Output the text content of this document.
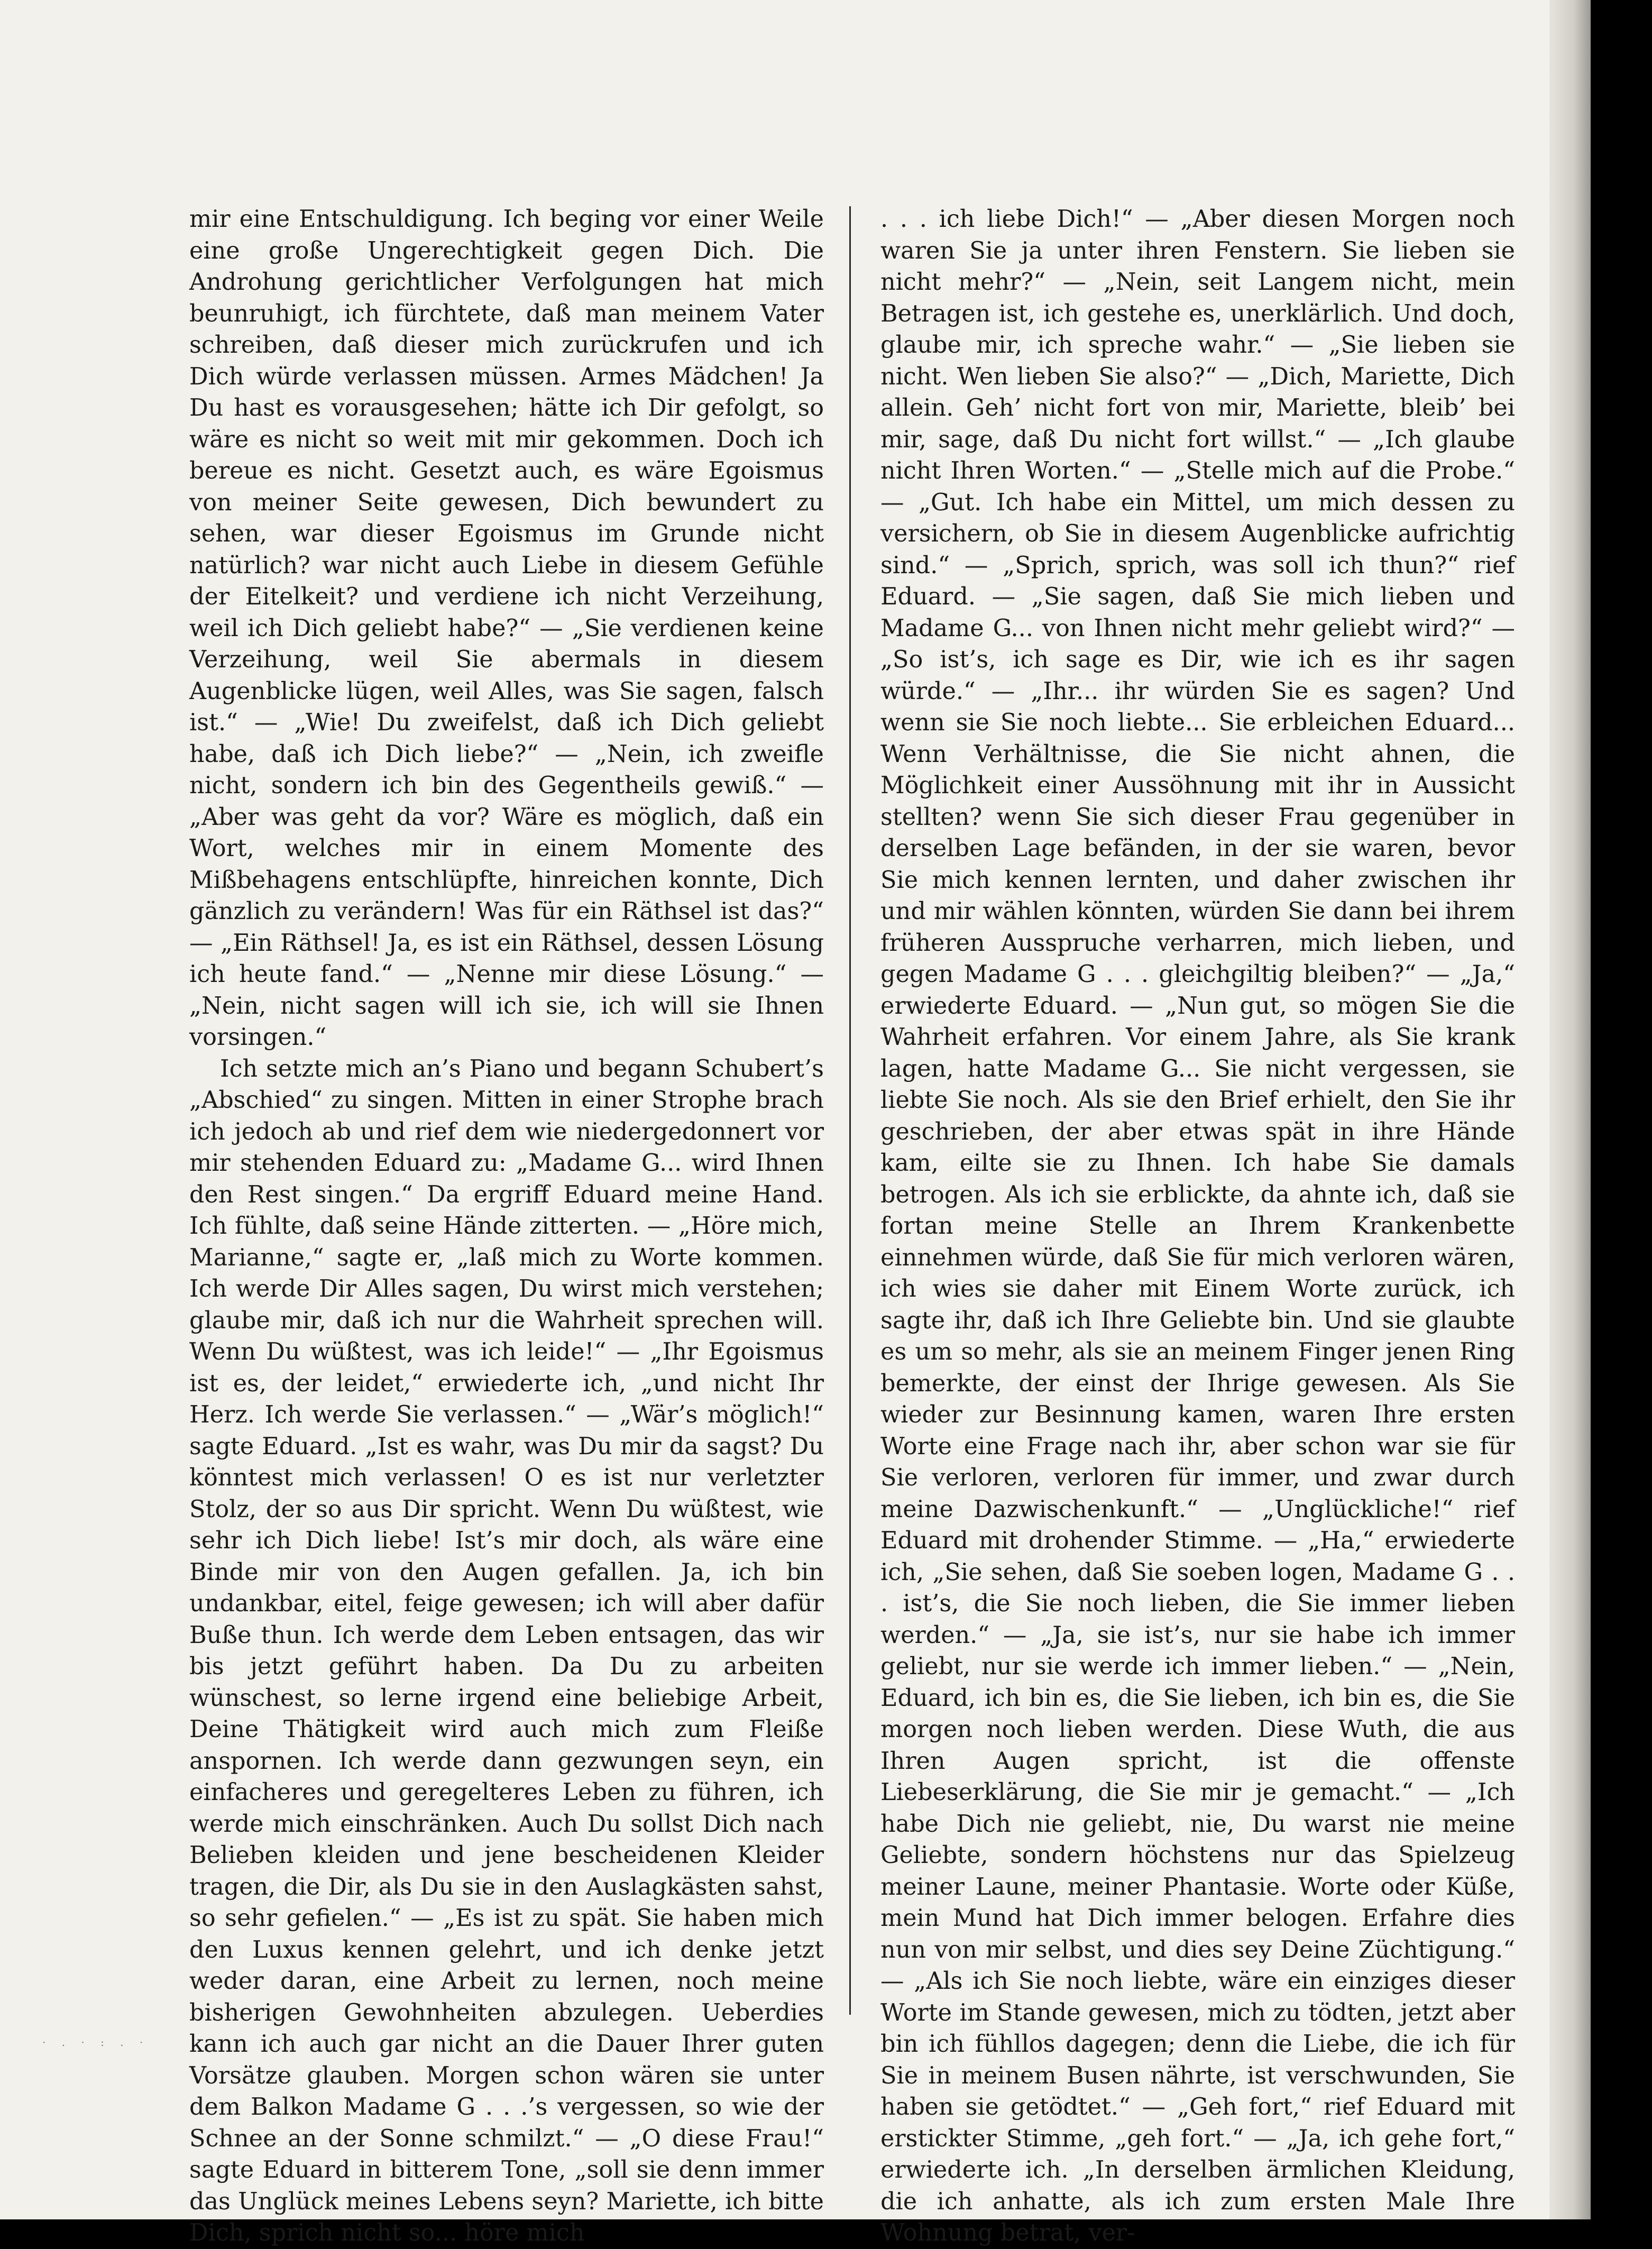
mir eine Entschuldigung. Ich beging vor einer Weile eine große Ungerechtigkeit gegen Dich. Die Androhung gerichtlicher Verfolgungen hat mich beunruhigt, ich fürchtete, daß man meinem Vater schreiben, daß dieser mich zurückrufen und ich Dich würde verlassen müssen. Armes Mädchen! Ja Du hast es vorausgesehen; hätte ich Dir gefolgt, so wäre es nicht so weit mit mir gekommen. Doch ich bereue es nicht. Gesetzt auch, es wäre Egoismus von meiner Seite gewesen, Dich bewundert zu sehen, war dieser Egoismus im Grunde nicht natürlich? war nicht auch Liebe in diesem Gefühle der Eitelkeit? und verdiene ich nicht Verzeihung, weil ich Dich geliebt habe?“ — „Sie verdienen keine Verzeihung, weil Sie abermals in diesem Augenblicke lügen, weil Alles, was Sie sagen, falsch ist.“ — „Wie! Du zweifelst, daß ich Dich geliebt habe, daß ich Dich liebe?“ — „Nein, ich zweifle nicht, sondern ich bin des Gegentheils gewiß.“ — „Aber was geht da vor? Wäre es möglich, daß ein Wort, welches mir in einem Momente des Mißbehagens entschlüpfte, hinreichen konnte, Dich gänzlich zu verändern! Was für ein Räthsel ist das?“ — „Ein Räthsel! Ja, es ist ein Räthsel, dessen Lösung ich heute fand.“ — „Nenne mir diese Lösung.“ — „Nein, nicht sagen will ich sie, ich will sie Ihnen vorsingen.“

Ich setzte mich an’s Piano und begann Schubert’s „Abschied“ zu singen. Mitten in einer Strophe brach ich jedoch ab und rief dem wie niedergedonnert vor mir stehenden Eduard zu: „Madame G... wird Ihnen den Rest singen.“ Da ergriff Eduard meine Hand. Ich fühlte, daß seine Hände zitterten. — „Höre mich, Marianne,“ sagte er, „laß mich zu Worte kommen. Ich werde Dir Alles sagen, Du wirst mich verstehen; glaube mir, daß ich nur die Wahrheit sprechen will. Wenn Du wüßtest, was ich leide!“ — „Ihr Egoismus ist es, der leidet,“ erwiederte ich, „und nicht Ihr Herz. Ich werde Sie verlassen.“ — „Wär’s möglich!“ sagte Eduard. „Ist es wahr, was Du mir da sagst? Du könntest mich verlassen! O es ist nur verletzter Stolz, der so aus Dir spricht. Wenn Du wüßtest, wie sehr ich Dich liebe! Ist’s mir doch, als wäre eine Binde mir von den Augen gefallen. Ja, ich bin undankbar, eitel, feige gewesen; ich will aber dafür Buße thun. Ich werde dem Leben entsagen, das wir bis jetzt geführt haben. Da Du zu arbeiten wünschest, so lerne irgend eine beliebige Arbeit, Deine Thätigkeit wird auch mich zum Fleiße anspornen. Ich werde dann gezwungen seyn, ein einfacheres und geregelteres Leben zu führen, ich werde mich einschränken. Auch Du sollst Dich nach Belieben kleiden und jene bescheidenen Kleider tragen, die Dir, als Du sie in den Auslagkästen sahst, so sehr gefielen.“ — „Es ist zu spät. Sie haben mich den Luxus kennen gelehrt, und ich denke jetzt weder daran, eine Arbeit zu lernen, noch meine bisherigen Gewohnheiten abzulegen. Ueberdies kann ich auch gar nicht an die Dauer Ihrer guten Vorsätze glauben. Morgen schon wären sie unter dem Balkon Madame G . . .’s vergessen, so wie der Schnee an der Sonne schmilzt.“ — „O diese Frau!“ sagte Eduard in bitterem Tone, „soll sie denn immer das Unglück meines Lebens seyn? Mariette, ich bitte Dich, sprich nicht so... höre mich

. . . ich liebe Dich!“ — „Aber diesen Morgen noch waren Sie ja unter ihren Fenstern. Sie lieben sie nicht mehr?“ — „Nein, seit Langem nicht, mein Betragen ist, ich gestehe es, unerklärlich. Und doch, glaube mir, ich spreche wahr.“ — „Sie lieben sie nicht. Wen lieben Sie also?“ — „Dich, Mariette, Dich allein. Geh’ nicht fort von mir, Mariette, bleib’ bei mir, sage, daß Du nicht fort willst.“ — „Ich glaube nicht Ihren Worten.“ — „Stelle mich auf die Probe.“ — „Gut. Ich habe ein Mittel, um mich dessen zu versichern, ob Sie in diesem Augenblicke aufrichtig sind.“ — „Sprich, sprich, was soll ich thun?“ rief Eduard. — „Sie sagen, daß Sie mich lieben und Madame G... von Ihnen nicht mehr geliebt wird?“ — „So ist’s, ich sage es Dir, wie ich es ihr sagen würde.“ — „Ihr... ihr würden Sie es sagen? Und wenn sie Sie noch liebte... Sie erbleichen Eduard... Wenn Verhältnisse, die Sie nicht ahnen, die Möglichkeit einer Aussöhnung mit ihr in Aussicht stellten? wenn Sie sich dieser Frau gegenüber in derselben Lage befänden, in der sie waren, bevor Sie mich kennen lernten, und daher zwischen ihr und mir wählen könnten, würden Sie dann bei ihrem früheren Ausspruche verharren, mich lieben, und gegen Madame G . . . gleichgiltig bleiben?“ — „Ja,“ erwiederte Eduard. — „Nun gut, so mögen Sie die Wahrheit erfahren. Vor einem Jahre, als Sie krank lagen, hatte Madame G... Sie nicht vergessen, sie liebte Sie noch. Als sie den Brief erhielt, den Sie ihr geschrieben, der aber etwas spät in ihre Hände kam, eilte sie zu Ihnen. Ich habe Sie damals betrogen. Als ich sie erblickte, da ahnte ich, daß sie fortan meine Stelle an Ihrem Krankenbette einnehmen würde, daß Sie für mich verloren wären, ich wies sie daher mit Einem Worte zurück, ich sagte ihr, daß ich Ihre Geliebte bin. Und sie glaubte es um so mehr, als sie an meinem Finger jenen Ring bemerkte, der einst der Ihrige gewesen. Als Sie wieder zur Besinnung kamen, waren Ihre ersten Worte eine Frage nach ihr, aber schon war sie für Sie verloren, verloren für immer, und zwar durch meine Dazwischenkunft.“ — „Unglückliche!“ rief Eduard mit drohender Stimme. — „Ha,“ erwiederte ich, „Sie sehen, daß Sie soeben logen, Madame G . . . ist’s, die Sie noch lieben, die Sie immer lieben werden.“ — „Ja, sie ist’s, nur sie habe ich immer geliebt, nur sie werde ich immer lieben.“ — „Nein, Eduard, ich bin es, die Sie lieben, ich bin es, die Sie morgen noch lieben werden. Diese Wuth, die aus Ihren Augen spricht, ist die offenste Liebeserklärung, die Sie mir je gemacht.“ — „Ich habe Dich nie geliebt, nie, Du warst nie meine Geliebte, sondern höchstens nur das Spielzeug meiner Laune, meiner Phantasie. Worte oder Küße, mein Mund hat Dich immer belogen. Erfahre dies nun von mir selbst, und dies sey Deine Züchtigung.“ — „Als ich Sie noch liebte, wäre ein einziges dieser Worte im Stande gewesen, mich zu tödten, jetzt aber bin ich fühllos dagegen; denn die Liebe, die ich für Sie in meinem Busen nährte, ist verschwunden, Sie haben sie getödtet.“ — „Geh fort,“ rief Eduard mit erstickter Stimme, „geh fort.“ — „Ja, ich gehe fort,“ erwiederte ich. „In derselben ärmlichen Kleidung, die ich anhatte, als ich zum ersten Male Ihre Wohnung betrat, ver-

· . · : . ·
